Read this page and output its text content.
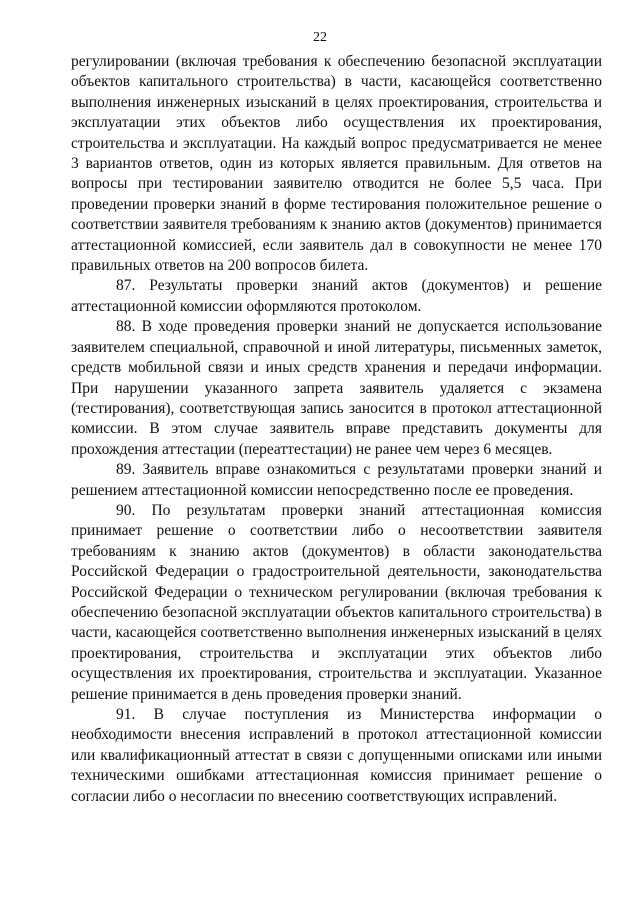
22

регулировании (включая требования к обеспечению безопасной эксплуатации объектов капитального строительства) в части, касающейся соответственно выполнения инженерных изысканий в целях проектирования, строительства и эксплуатации этих объектов либо осуществления их проектирования, строительства и эксплуатации. На каждый вопрос предусматривается не менее 3 вариантов ответов, один из которых является правильным. Для ответов на вопросы при тестировании заявителю отводится не более 5,5 часа. При проведении проверки знаний в форме тестирования положительное решение о соответствии заявителя требованиям к знанию актов (документов) принимается аттестационной комиссией, если заявитель дал в совокупности не менее 170 правильных ответов на 200 вопросов билета.

87. Результаты проверки знаний актов (документов) и решение аттестационной комиссии оформляются протоколом.

88. В ходе проведения проверки знаний не допускается использование заявителем специальной, справочной и иной литературы, письменных заметок, средств мобильной связи и иных средств хранения и передачи информации. При нарушении указанного запрета заявитель удаляется с экзамена (тестирования), соответствующая запись заносится в протокол аттестационной комиссии. В этом случае заявитель вправе представить документы для прохождения аттестации (переаттестации) не ранее чем через 6 месяцев.

89. Заявитель вправе ознакомиться с результатами проверки знаний и решением аттестационной комиссии непосредственно после ее проведения.

90. По результатам проверки знаний аттестационная комиссия принимает решение о соответствии либо о несоответствии заявителя требованиям к знанию актов (документов) в области законодательства Российской Федерации о градостроительной деятельности, законодательства Российской Федерации о техническом регулировании (включая требования к обеспечению безопасной эксплуатации объектов капитального строительства) в части, касающейся соответственно выполнения инженерных изысканий в целях проектирования, строительства и эксплуатации этих объектов либо осуществления их проектирования, строительства и эксплуатации. Указанное решение принимается в день проведения проверки знаний.

91. В случае поступления из Министерства информации о необходимости внесения исправлений в протокол аттестационной комиссии или квалификационный аттестат в связи с допущенными описками или иными техническими ошибками аттестационная комиссия принимает решение о согласии либо о несогласии по внесению соответствующих исправлений.
